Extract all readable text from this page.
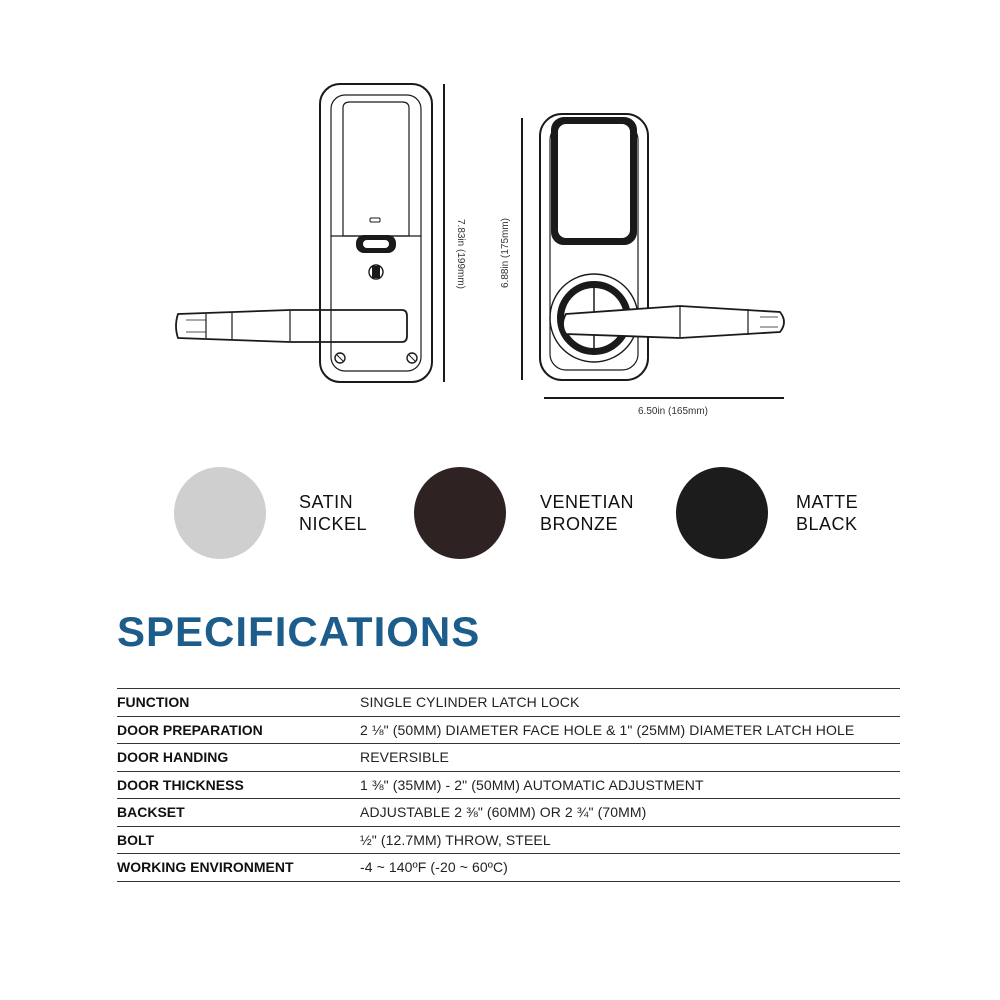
7.83in (199mm)	6.88in (175mm)
6.50in (165mm)
SATIN
NICKEL
VENETIAN
BRONZE
MATTE
BLACK
SPECIFICATIONS
FUNCTION	SINGLE CYLINDER LATCH LOCK
DOOR PREPARATION	2 ⅛" (50MM) DIAMETER FACE HOLE & 1" (25MM) DIAMETER LATCH HOLE
DOOR HANDING	REVERSIBLE
DOOR THICKNESS	1 ⅜" (35MM) - 2" (50MM) AUTOMATIC ADJUSTMENT
BACKSET	ADJUSTABLE 2 ⅜" (60MM) OR 2 ¾" (70MM)
BOLT	½" (12.7MM) THROW, STEEL
WORKING ENVIRONMENT	-4 ~ 140ºF (-20 ~ 60ºC)
